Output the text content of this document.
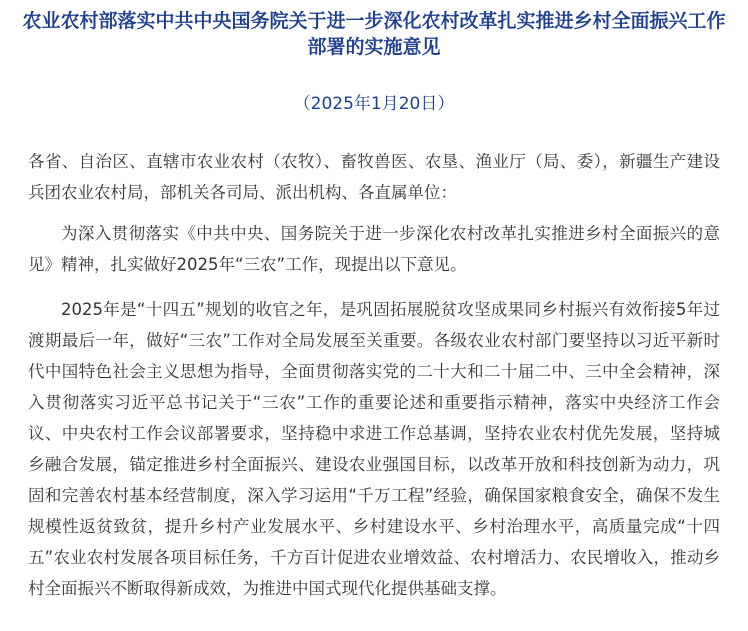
农业农村部落实中共中央国务院关于进一步深化农村改革扎实推进乡村全面振兴工作部署的实施意见
（2025年1月20日）

各省、自治区、直辖市农业农村（农牧）、畜牧兽医、农垦、渔业厅（局、委），新疆生产建设兵团农业农村局，部机关各司局、派出机构、各直属单位：

为深入贯彻落实《中共中央、国务院关于进一步深化农村改革扎实推进乡村全面振兴的意见》精神，扎实做好2025年“三农”工作，现提出以下意见。

2025年是“十四五”规划的收官之年，是巩固拓展脱贫攻坚成果同乡村振兴有效衔接5年过渡期最后一年，做好“三农”工作对全局发展至关重要。各级农业农村部门要坚持以习近平新时代中国特色社会主义思想为指导，全面贯彻落实党的二十大和二十届二中、三中全会精神，深入贯彻落实习近平总书记关于“三农”工作的重要论述和重要指示精神，落实中央经济工作会议、中央农村工作会议部署要求，坚持稳中求进工作总基调，坚持农业农村优先发展，坚持城乡融合发展，锚定推进乡村全面振兴、建设农业强国目标，以改革开放和科技创新为动力，巩固和完善农村基本经营制度，深入学习运用“千万工程”经验，确保国家粮食安全，确保不发生规模性返贫致贫，提升乡村产业发展水平、乡村建设水平、乡村治理水平，高质量完成“十四五”农业农村发展各项目标任务，千方百计促进农业增效益、农村增活力、农民增收入，推动乡村全面振兴不断取得新成效，为推进中国式现代化提供基础支撑。
